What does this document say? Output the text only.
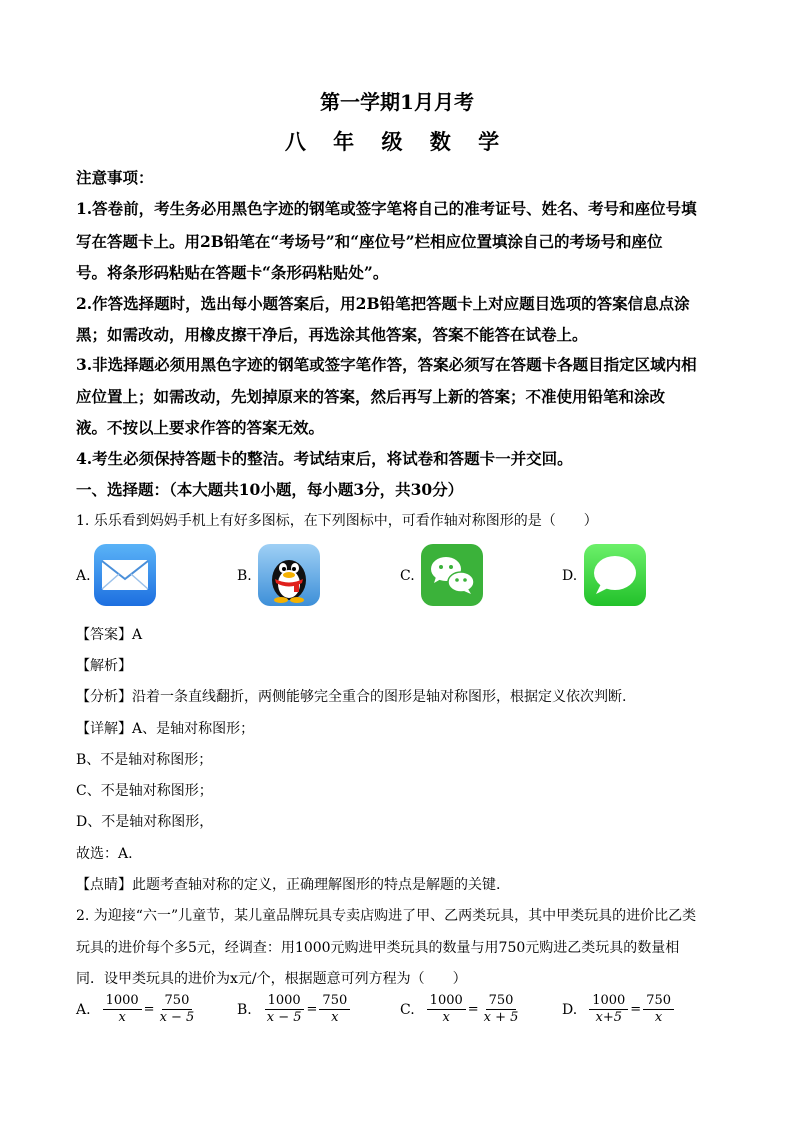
第一学期1月月考
八 年 级 数 学
注意事项：
1.答卷前，考生务必用黑色字迹的钢笔或签字笔将自己的准考证号、姓名、考号和座位号填
写在答题卡上。用2B铅笔在“考场号”和“座位号”栏相应位置填涂自己的考场号和座位
号。将条形码粘贴在答题卡“条形码粘贴处”。
2.作答选择题时，选出每小题答案后，用2B铅笔把答题卡上对应题目选项的答案信息点涂
黑；如需改动，用橡皮擦干净后，再选涂其他答案，答案不能答在试卷上。
3.非选择题必须用黑色字迹的钢笔或签字笔作答，答案必须写在答题卡各题目指定区域内相
应位置上；如需改动，先划掉原来的答案，然后再写上新的答案；不准使用铅笔和涂改
液。不按以上要求作答的答案无效。
4.考生必须保持答题卡的整洁。考试结束后，将试卷和答题卡一并交回。
一、选择题：（本大题共10小题，每小题3分，共30分）
1. 乐乐看到妈妈手机上有好多图标，在下列图标中，可看作轴对称图形的是（　　）
A.	B.	C.	D.
【答案】A
【解析】
【分析】沿着一条直线翻折，两侧能够完全重合的图形是轴对称图形，根据定义依次判断.
【详解】A、是轴对称图形；
B、不是轴对称图形；
C、不是轴对称图形；
D、不是轴对称图形，
故选：A.
【点睛】此题考查轴对称的定义，正确理解图形的特点是解题的关键.
2. 为迎接“六一”儿童节，某儿童品牌玩具专卖店购进了甲、乙两类玩具，其中甲类玩具的进价比乙类
玩具的进价每个多5元，经调查：用1000元购进甲类玩具的数量与用750元购进乙类玩具的数量相
同．设甲类玩具的进价为x元/个，根据题意可列方程为（　　）
A. $\frac{1000}{x} = \frac{750}{x - 5}$	B. $\frac{1000}{x - 5} = \frac{750}{x}$	C. $\frac{1000}{x} = \frac{750}{x + 5}$	D. $\frac{1000}{x+5} = \frac{750}{x}$
